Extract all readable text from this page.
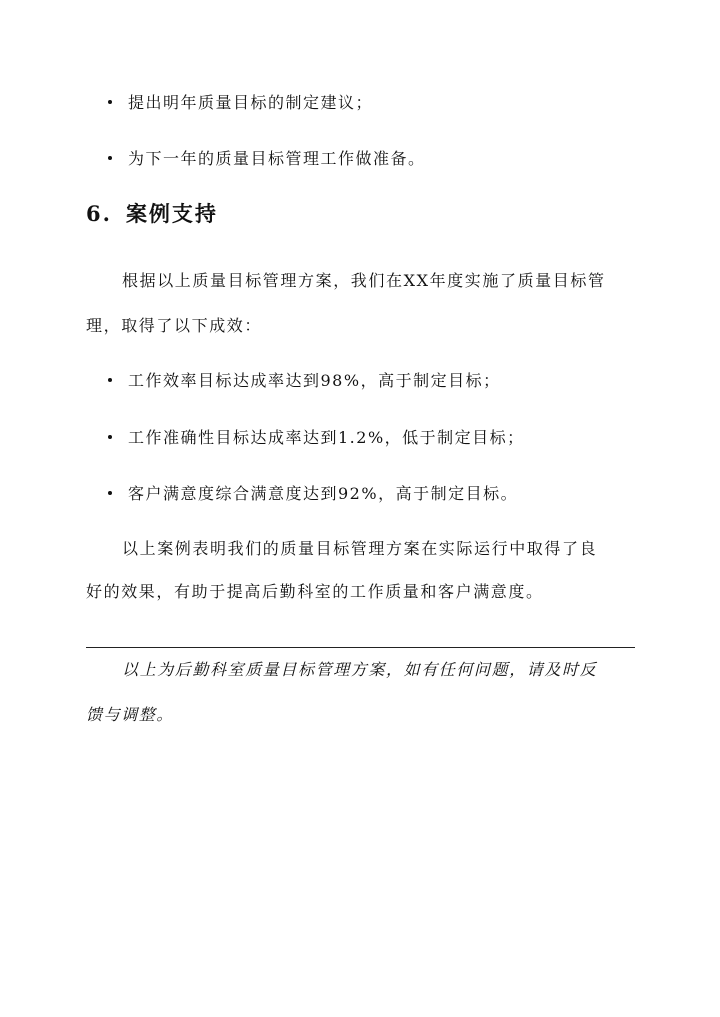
提出明年质量目标的制定建议；
为下一年的质量目标管理工作做准备。
6. 案例支持
根据以上质量目标管理方案，我们在XX年度实施了质量目标管
理，取得了以下成效：
工作效率目标达成率达到98%，高于制定目标；
工作准确性目标达成率达到1.2%，低于制定目标；
客户满意度综合满意度达到92%，高于制定目标。
以上案例表明我们的质量目标管理方案在实际运行中取得了良
好的效果，有助于提高后勤科室的工作质量和客户满意度。
以上为后勤科室质量目标管理方案，如有任何问题，请及时反
馈与调整。
